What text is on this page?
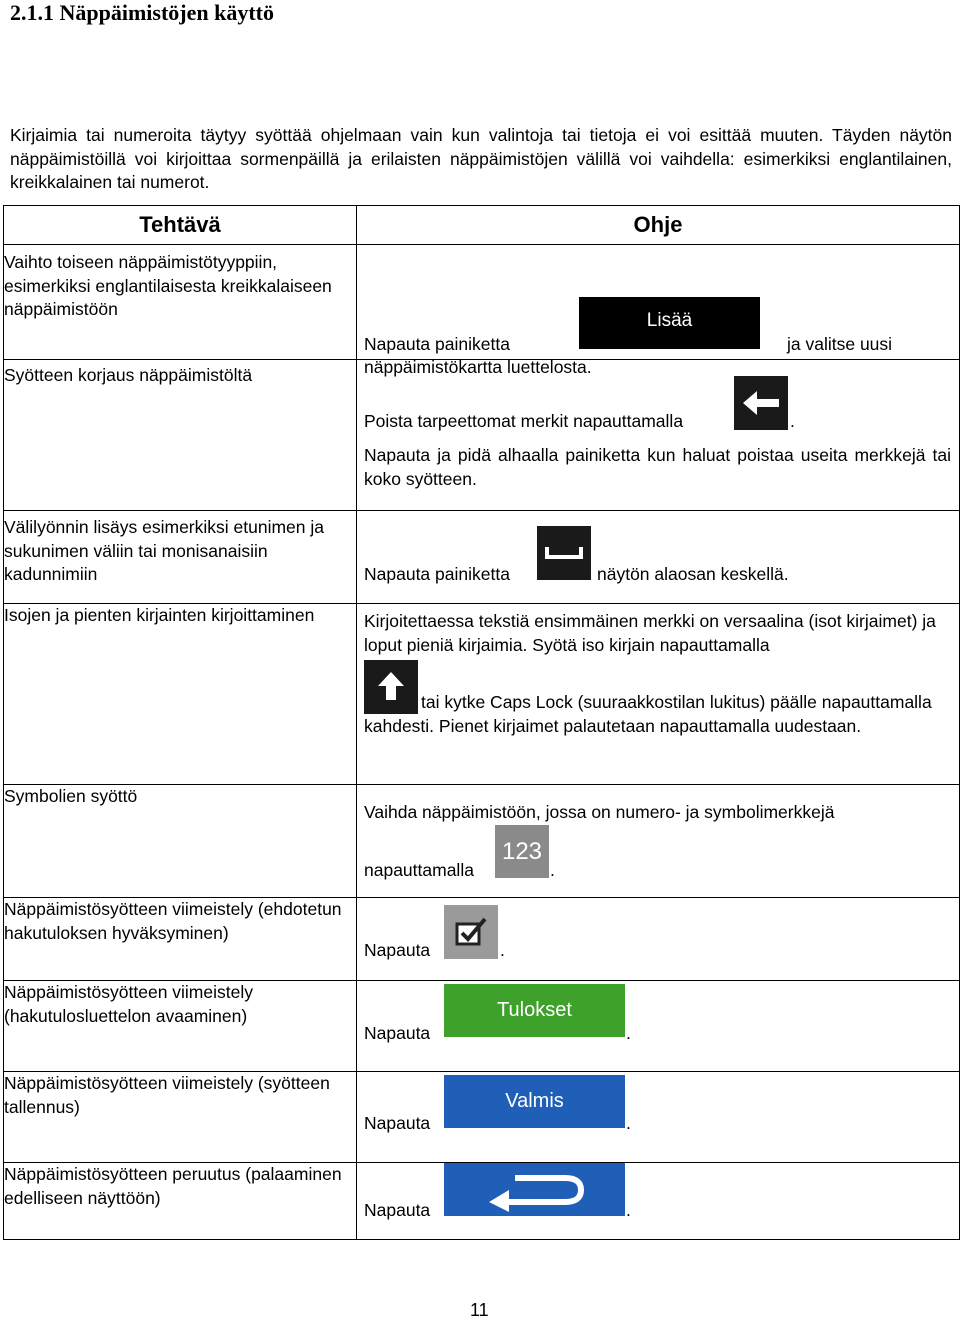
2.1.1 Näppäimistöjen käyttö

Kirjaimia tai numeroita täytyy syöttää ohjelmaan vain kun valintoja tai tietoja ei voi esittää muuten. Täyden näytön näppäimistöillä voi kirjoittaa sormenpäillä ja erilaisten näppäimistöjen välillä voi vaihdella: esimerkiksi englantilainen, kreikkalainen tai numerot.

Tehtävä	Ohje

Vaihto toiseen näppäimistötyyppiin, esimerkiksi englantilaisesta kreikkalaiseen näppäimistöön	Napauta painiketta
Lisää
ja valitse uusi
näppäimistökartta luettelosta.

Syötteen korjaus näppäimistöltä	Poista tarpeettomat merkit napauttamalla .
Napauta ja pidä alhaalla painiketta kun haluat poistaa useita merkkejä tai koko syötteen.

Välilyönnin lisäys esimerkiksi etunimen ja sukunimen väliin tai monisanaisiin kadunnimiin	Napauta painiketta näytön alaosan keskellä.

Isojen ja pienten kirjainten kirjoittaminen	Kirjoitettaessa tekstiä ensimmäinen merkki on versaalina (isot kirjaimet) ja loput pieniä kirjaimia. Syötä iso kirjain napauttamalla
tai kytke Caps Lock (suuraakkostilan lukitus) päälle napauttamalla kahdesti. Pienet kirjaimet palautetaan napauttamalla uudestaan.

Symbolien syöttö	Vaihda näppäimistöön, jossa on numero- ja symbolimerkkejä
napauttamalla
123
.

Näppäimistösyötteen viimeistely (ehdotetun hakutuloksen hyväksyminen)	Napauta .

Näppäimistösyötteen viimeistely (hakutulosluettelon avaaminen)	Napauta
Tulokset
.

Näppäimistösyötteen viimeistely (syötteen tallennus)	Napauta
Valmis
.

Näppäimistösyötteen peruutus (palaaminen edelliseen näyttöön)	Napauta .
11
